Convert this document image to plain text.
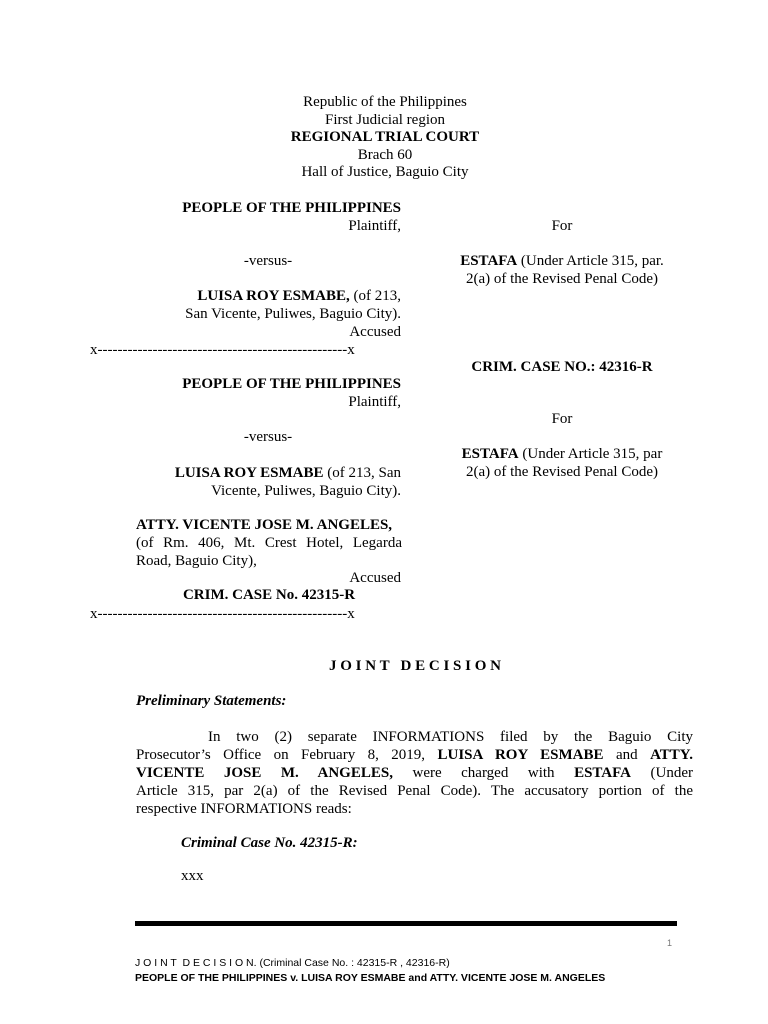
Republic of the Philippines
First Judicial region
REGIONAL TRIAL COURT
Brach 60
Hall of Justice, Baguio City
PEOPLE OF THE PHILIPPINES
Plaintiff,
-versus-
LUISA ROY ESMABE, (of 213,
San Vicente, Puliwes, Baguio City).
Accused
x--------------------------------------------------x
For
ESTAFA (Under Article 315, par.
2(a) of the Revised Penal Code)
CRIM. CASE NO.: 42316-R
PEOPLE OF THE PHILIPPINES
Plaintiff,
-versus-
LUISA ROY ESMABE (of 213, San
Vicente, Puliwes, Baguio City).
ATTY. VICENTE JOSE M. ANGELES,
(of Rm. 406, Mt. Crest Hotel, Legarda
Road, Baguio City),
Accused
CRIM. CASE No. 42315-R
x--------------------------------------------------x
For
ESTAFA (Under Article 315, par
2(a) of the Revised Penal Code)
J O I N T   D E C I S I O N
Preliminary Statements:
In two (2) separate INFORMATIONS filed by the Baguio City
Prosecutor’s Office on February 8, 2019, LUISA ROY ESMABE and ATTY.
VICENTE JOSE M. ANGELES, were charged with ESTAFA (Under
Article 315, par 2(a) of the Revised Penal Code). The accusatory portion of the
respective INFORMATIONS reads:
Criminal Case No. 42315-R:
xxx
1
J O I N T  D E C I S I O N. (Criminal Case No. : 42315-R , 42316-R)
PEOPLE OF THE PHILIPPINES v. LUISA ROY ESMABE and ATTY. VICENTE JOSE M. ANGELES
